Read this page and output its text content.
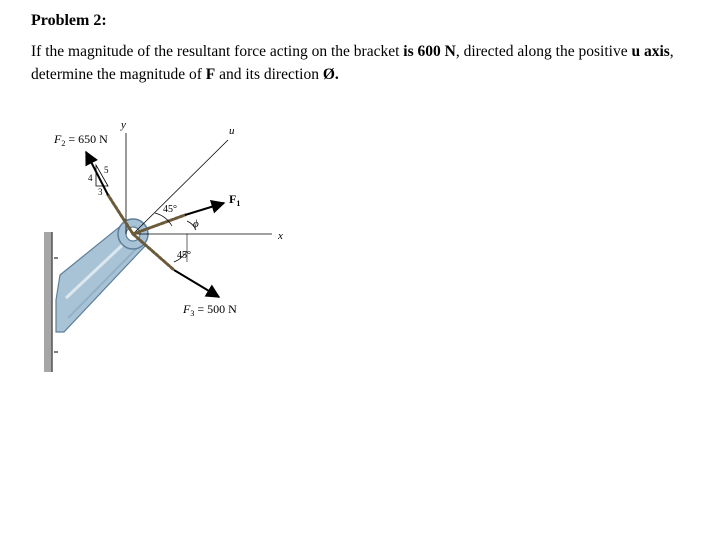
Problem 2:
If the magnitude of the resultant force acting on the bracket is 600 N, directed along the positive u axis, determine the magnitude of F and its direction Ø.
4
5
3
$F_2 = 650$ N
y	u
x
$F_1$
45°
ϕ
45°
$F_3 = 500$ N
